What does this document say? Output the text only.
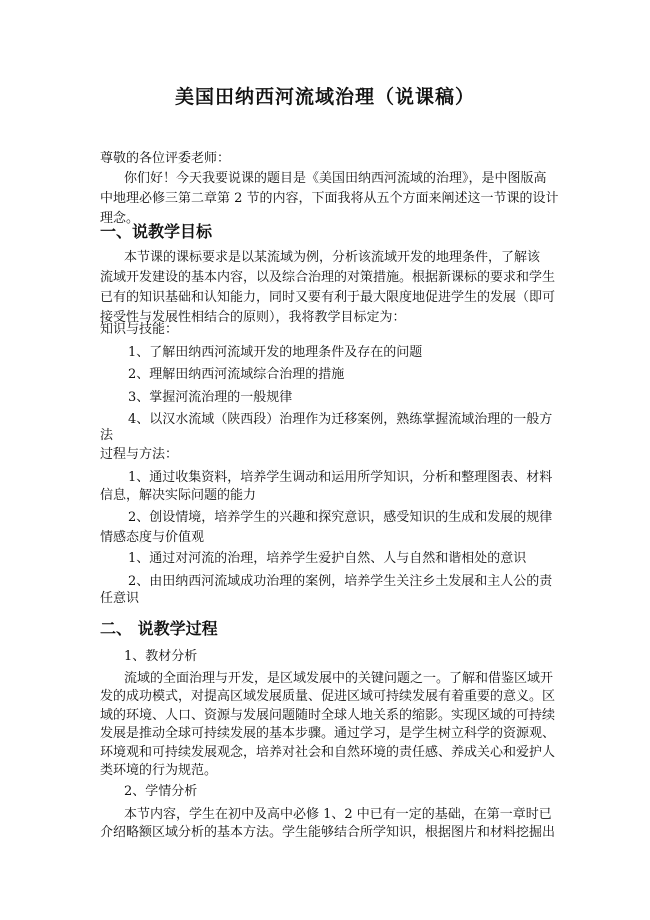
美国田纳西河流域治理（说课稿）
尊敬的各位评委老师：
你们好！今天我要说课的题目是《美国田纳西河流域的治理》，是中图版高
中地理必修三第二章第 2 节的内容，下面我将从五个方面来阐述这一节课的设计
理念。
一、说教学目标
本节课的课标要求是以某流域为例，分析该流域开发的地理条件，了解该
流域开发建设的基本内容，以及综合治理的对策措施。根据新课标的要求和学生
已有的知识基础和认知能力，同时又要有利于最大限度地促进学生的发展（即可
接受性与发展性相结合的原则），我将教学目标定为：
知识与技能：
1、了解田纳西河流域开发的地理条件及存在的问题
2、理解田纳西河流域综合治理的措施
3、掌握河流治理的一般规律
4、以汉水流域（陕西段）治理作为迁移案例，熟练掌握流域治理的一般方
法
过程与方法：
1、通过收集资料，培养学生调动和运用所学知识，分析和整理图表、材料
信息，解决实际问题的能力
2、创设情境，培养学生的兴趣和探究意识，感受知识的生成和发展的规律
情感态度与价值观
1、通过对河流的治理，培养学生爱护自然、人与自然和谐相处的意识
2、由田纳西河流域成功治理的案例，培养学生关注乡土发展和主人公的责
任意识
二、 说教学过程
1、教材分析
流域的全面治理与开发，是区域发展中的关键问题之一。了解和借鉴区域开
发的成功模式，对提高区域发展质量、促进区域可持续发展有着重要的意义。区
域的环境、人口、资源与发展问题随时全球人地关系的缩影。实现区域的可持续
发展是推动全球可持续发展的基本步骤。通过学习，是学生树立科学的资源观、
环境观和可持续发展观念，培养对社会和自然环境的责任感、养成关心和爱护人
类环境的行为规范。
2、学情分析
本节内容，学生在初中及高中必修 1、2 中已有一定的基础，在第一章时已
介绍略额区域分析的基本方法。学生能够结合所学知识，根据图片和材料挖掘出
